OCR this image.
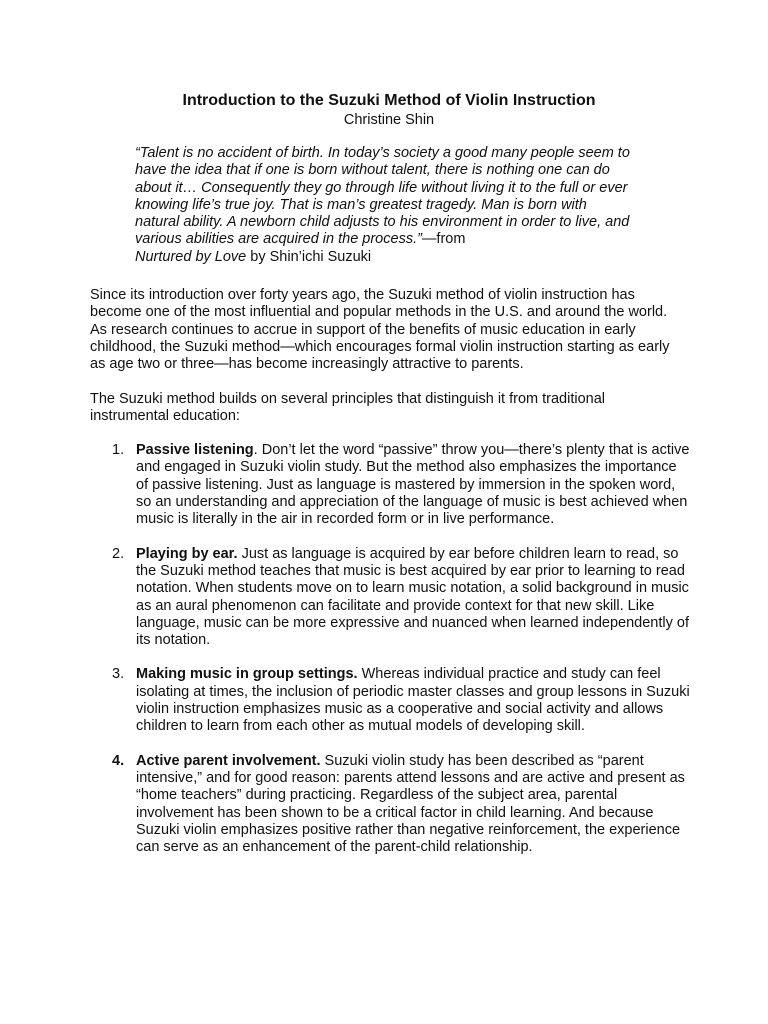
Introduction to the Suzuki Method of Violin Instruction

Christine Shin

“Talent is no accident of birth. In today’s society a good many people seem to have the idea that if one is born without talent, there is nothing one can do about it… Consequently they go through life without living it to the full or ever knowing life’s true joy. That is man’s greatest tragedy. Man is born with natural ability. A newborn child adjusts to his environment in order to live, and various abilities are acquired in the process.”—from
Nurtured by Love by Shin’ichi Suzuki

Since its introduction over forty years ago, the Suzuki method of violin instruction has become one of the most influential and popular methods in the U.S. and around the world. As research continues to accrue in support of the benefits of music education in early childhood, the Suzuki method—which encourages formal violin instruction starting as early as age two or three—has become increasingly attractive to parents.

The Suzuki method builds on several principles that distinguish it from traditional instrumental education:

1. Passive listening. Don’t let the word “passive” throw you—there’s plenty that is active and engaged in Suzuki violin study. But the method also emphasizes the importance of passive listening. Just as language is mastered by immersion in the spoken word, so an understanding and appreciation of the language of music is best achieved when music is literally in the air in recorded form or in live performance.
2. Playing by ear. Just as language is acquired by ear before children learn to read, so the Suzuki method teaches that music is best acquired by ear prior to learning to read notation. When students move on to learn music notation, a solid background in music as an aural phenomenon can facilitate and provide context for that new skill. Like language, music can be more expressive and nuanced when learned independently of its notation.
3. Making music in group settings. Whereas individual practice and study can feel isolating at times, the inclusion of periodic master classes and group lessons in Suzuki violin instruction emphasizes music as a cooperative and social activity and allows children to learn from each other as mutual models of developing skill.
4. Active parent involvement. Suzuki violin study has been described as “parent intensive,” and for good reason: parents attend lessons and are active and present as “home teachers” during practicing. Regardless of the subject area, parental involvement has been shown to be a critical factor in child learning. And because Suzuki violin emphasizes positive rather than negative reinforcement, the experience can serve as an enhancement of the parent-child relationship.
